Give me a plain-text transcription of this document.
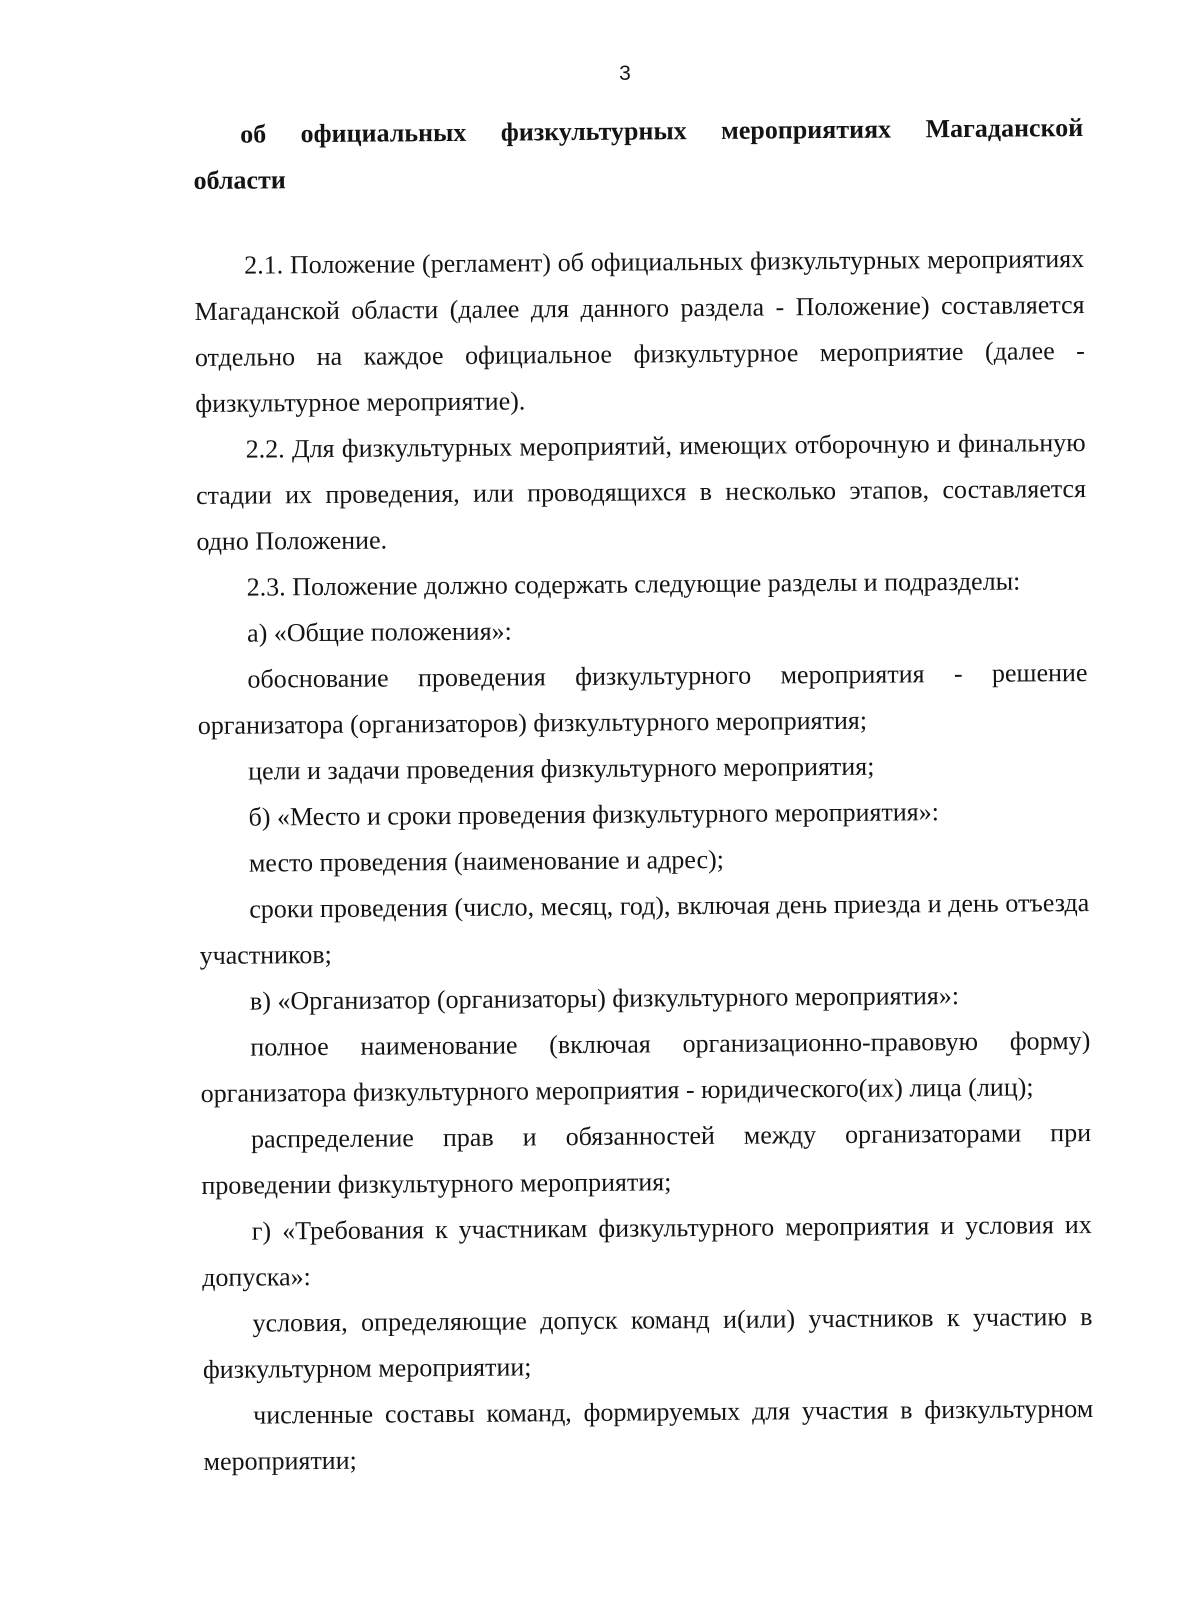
3

об официальных физкультурных мероприятиях Магаданской
области

2.1. Положение (регламент) об официальных физкультурных мероприятиях Магаданской области (далее для данного раздела - Положение) составляется отдельно на каждое официальное физкультурное мероприятие (далее - физкультурное мероприятие).

2.2. Для физкультурных мероприятий, имеющих отборочную и финальную стадии их проведения, или проводящихся в несколько этапов, составляется одно Положение.

2.3. Положение должно содержать следующие разделы и подразделы:

а) «Общие положения»:

обоснование проведения физкультурного мероприятия - решение организатора (организаторов) физкультурного мероприятия;

цели и задачи проведения физкультурного мероприятия;

б) «Место и сроки проведения физкультурного мероприятия»:

место проведения (наименование и адрес);

сроки проведения (число, месяц, год), включая день приезда и день отъезда участников;

в) «Организатор (организаторы) физкультурного мероприятия»:

полное наименование (включая организационно-правовую форму) организатора физкультурного мероприятия - юридического(их) лица (лиц);

распределение прав и обязанностей между организаторами при проведении физкультурного мероприятия;

г) «Требования к участникам физкультурного мероприятия и условия их допуска»:

условия, определяющие допуск команд и(или) участников к участию в физкультурном мероприятии;

численные составы команд, формируемых для участия в физкультурном мероприятии;
